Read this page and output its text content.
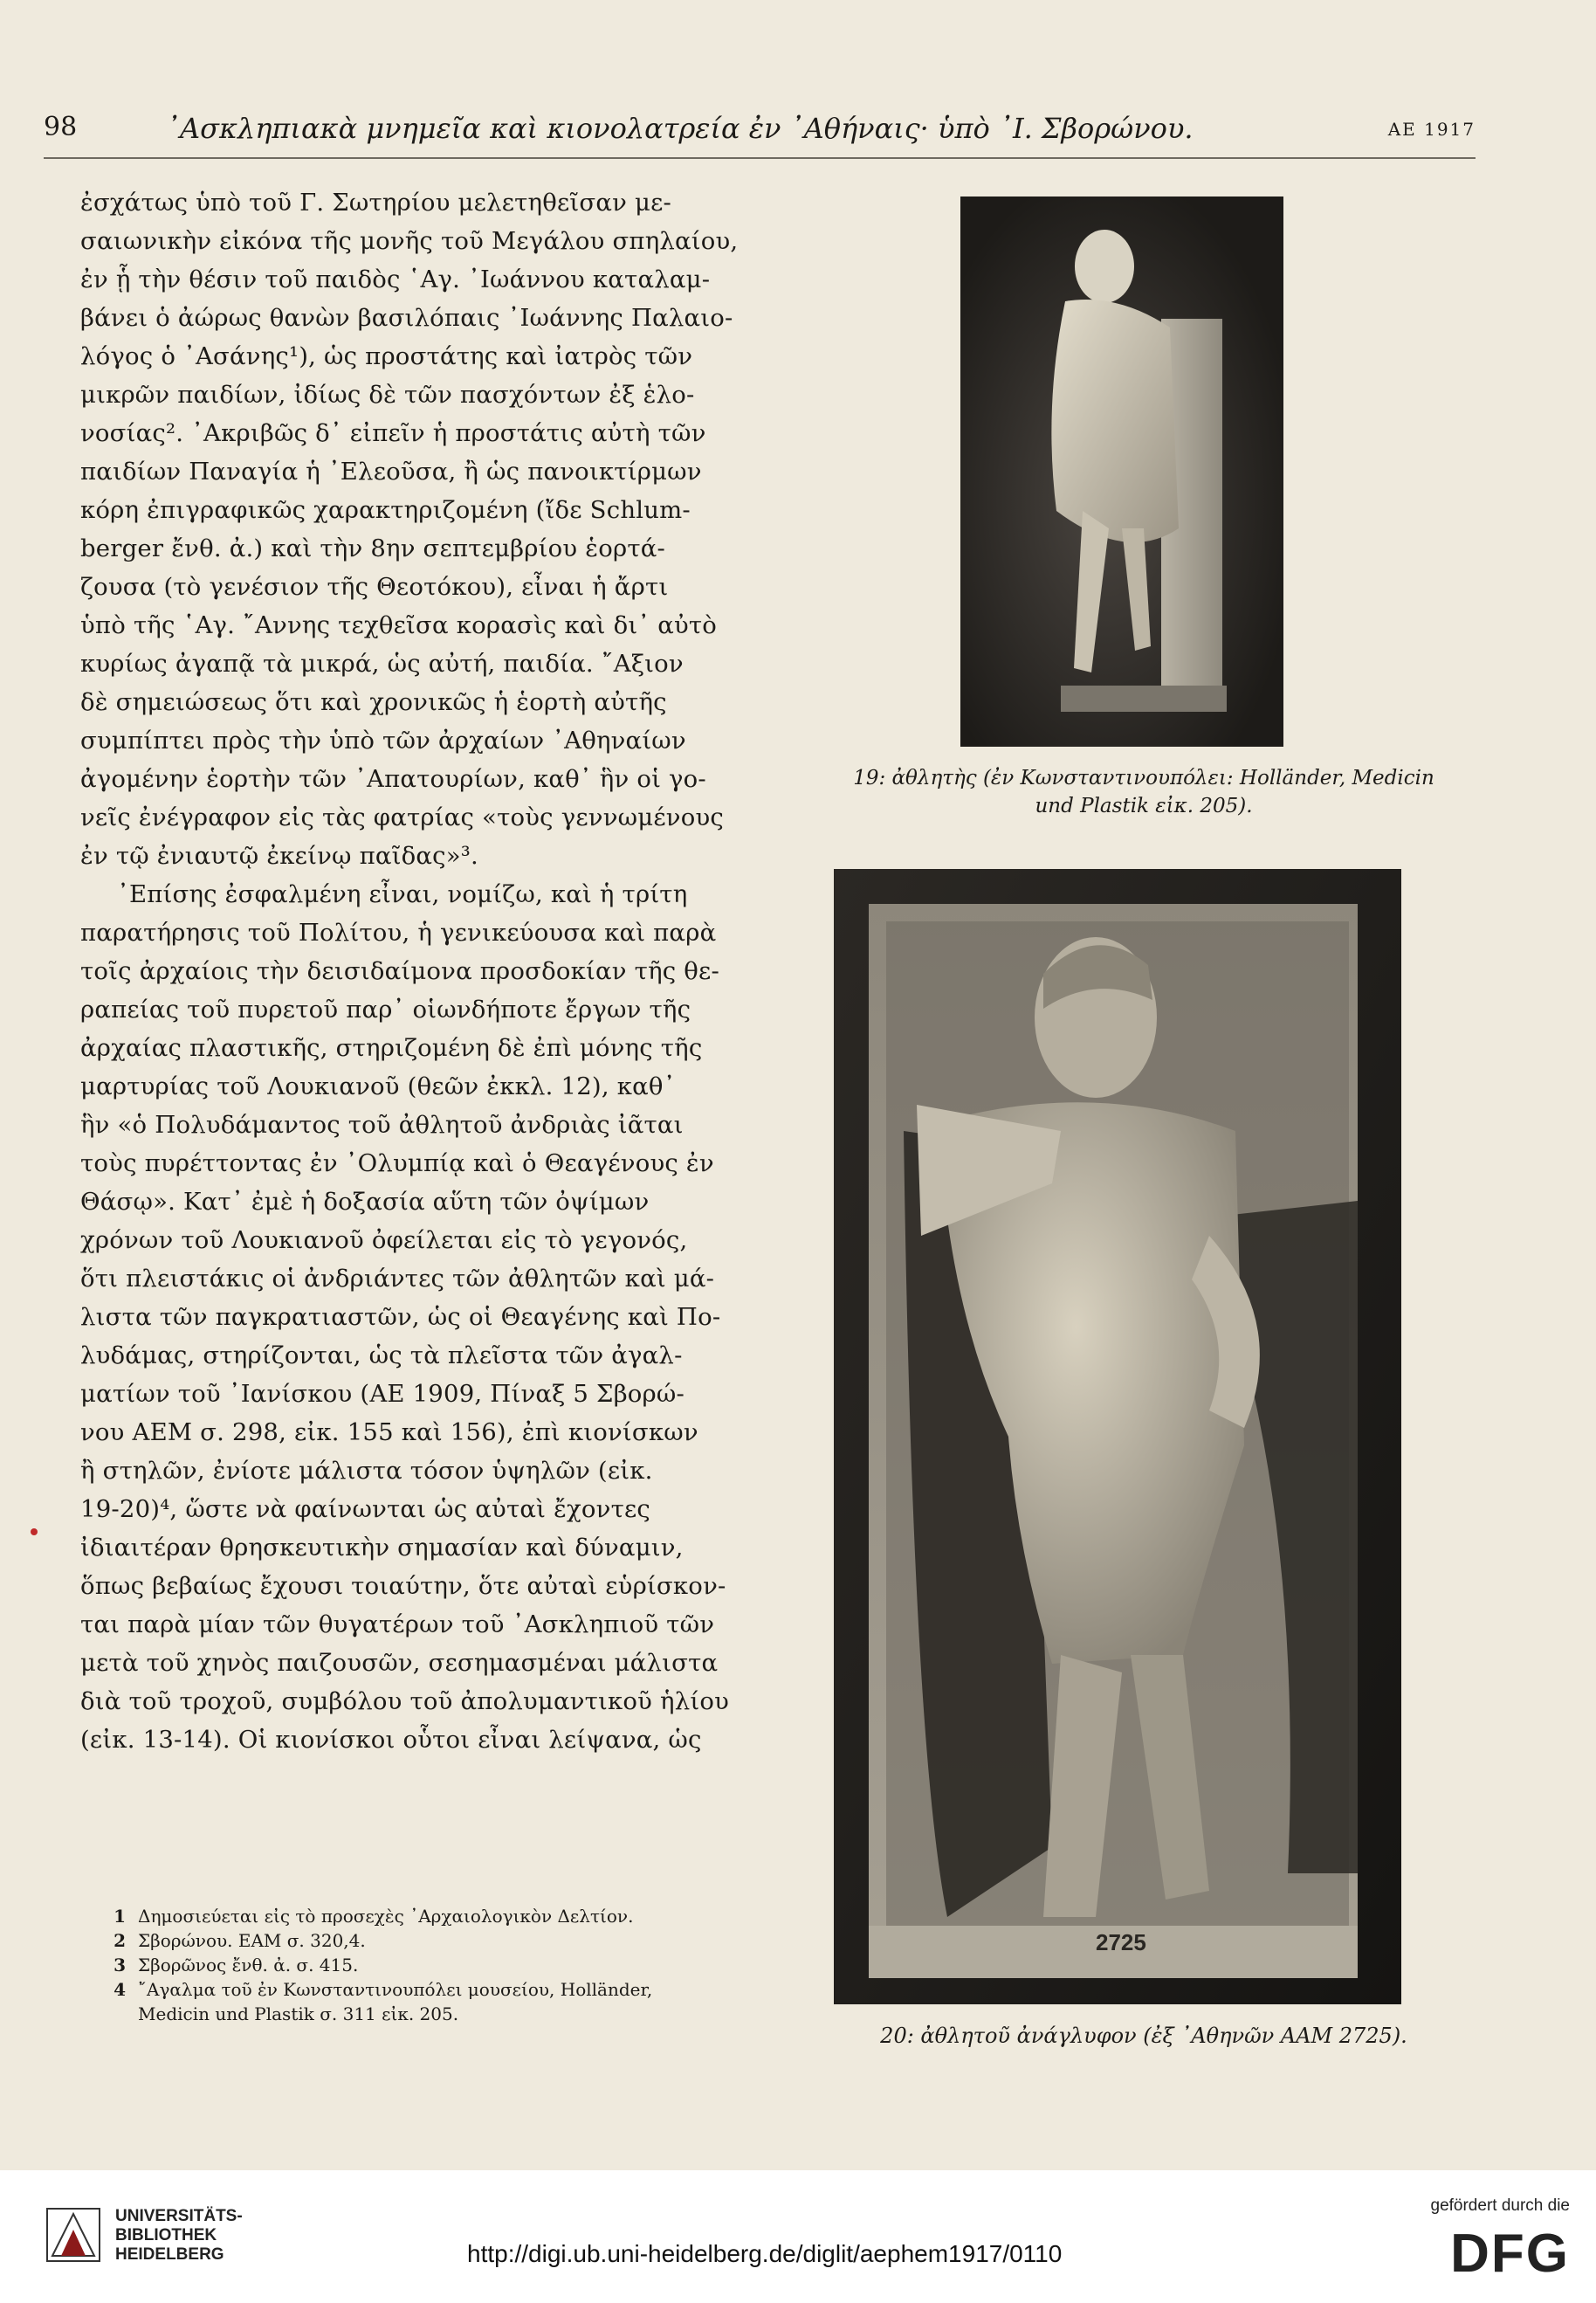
98	᾿Ασκληπιακὰ μνημεῖα καὶ κιονολατρεία ἐν ᾿Αθήναις· ὑπὸ ᾿Ι. Σβορώνου.	ΑΕ 1917
ἐσχάτως ὑπὸ τοῦ Γ. Σωτηρίου μελετηθεῖσαν με-
σαιωνικὴν εἰκόνα τῆς μονῆς τοῦ Μεγάλου σπηλαίου,
ἐν ᾗ τὴν θέσιν τοῦ παιδὸς ῾Αγ. ᾿Ιωάννου καταλαμ-
βάνει ὁ ἀώρως θανὼν βασιλόπαις ᾿Ιωάννης Παλαιο-
λόγος ὁ ᾿Ασάνης¹), ὡς προστάτης καὶ ἰατρὸς τῶν
μικρῶν παιδίων, ἰδίως δὲ τῶν πασχόντων ἐξ ἑλο-
νοσίας². ᾿Ακριβῶς δ᾽ εἰπεῖν ἡ προστάτις αὐτὴ τῶν
παιδίων Παναγία ἡ ᾿Ελεοῦσα, ἢ ὡς πανοικτίρμων
κόρη ἐπιγραφικῶς χαρακτηριζομένη (ἴδε Schlum-
berger ἔνθ. ἀ.) καὶ τὴν 8ην σεπτεμβρίου ἑορτά-
ζουσα (τὸ γενέσιον τῆς Θεοτόκου), εἶναι ἡ ἄρτι
ὑπὸ τῆς ῾Αγ. ῎Αννης τεχθεῖσα κορασὶς καὶ δι᾽ αὐτὸ
κυρίως ἀγαπᾷ τὰ μικρά, ὡς αὐτή, παιδία. ῎Αξιον
δὲ σημειώσεως ὅτι καὶ χρονικῶς ἡ ἑορτὴ αὐτῆς
συμπίπτει πρὸς τὴν ὑπὸ τῶν ἀρχαίων ᾿Αθηναίων
ἀγομένην ἑορτὴν τῶν ᾿Απατουρίων, καθ᾽ ἣν οἱ γο-
νεῖς ἐνέγραφον εἰς τὰς φατρίας «τοὺς γεννωμένους
ἐν τῷ ἐνιαυτῷ ἐκείνῳ παῖδας»³.
᾿Επίσης ἐσφαλμένη εἶναι, νομίζω, καὶ ἡ τρίτη
παρατήρησις τοῦ Πολίτου, ἡ γενικεύουσα καὶ παρὰ
τοῖς ἀρχαίοις τὴν δεισιδαίμονα προσδοκίαν τῆς θε-
ραπείας τοῦ πυρετοῦ παρ᾽ οἱωνδήποτε ἔργων τῆς
ἀρχαίας πλαστικῆς, στηριζομένη δὲ ἐπὶ μόνης τῆς
μαρτυρίας τοῦ Λουκιανοῦ (θεῶν ἐκκλ. 12), καθ᾽
ἣν «ὁ Πολυδάμαντος τοῦ ἀθλητοῦ ἀνδριὰς ἰᾶται
τοὺς πυρέττοντας ἐν ᾿Ολυμπίᾳ καὶ ὁ Θεαγένους ἐν
Θάσῳ». Κατ᾽ ἐμὲ ἡ δοξασία αὕτη τῶν ὀψίμων
χρόνων τοῦ Λουκιανοῦ ὀφείλεται εἰς τὸ γεγονός,
ὅτι πλειστάκις οἱ ἀνδριάντες τῶν ἀθλητῶν καὶ μά-
λιστα τῶν παγκρατιαστῶν, ὡς οἱ Θεαγένης καὶ Πο-
λυδάμας, στηρίζονται, ὡς τὰ πλεῖστα τῶν ἀγαλ-
ματίων τοῦ ᾿Ιανίσκου (ΑΕ 1909, Πίναξ 5 Σβορώ-
νου ΑΕΜ σ. 298, εἰκ. 155 καὶ 156), ἐπὶ κιονίσκων
ἢ στηλῶν, ἐνίοτε μάλιστα τόσον ὑψηλῶν (εἰκ.
19-20)⁴, ὥστε νὰ φαίνωνται ὡς αὐταὶ ἔχοντες
ἰδιαιτέραν θρησκευτικὴν σημασίαν καὶ δύναμιν,
ὅπως βεβαίως ἔχουσι τοιαύτην, ὅτε αὐταὶ εὑρίσκον-
ται παρὰ μίαν τῶν θυγατέρων τοῦ ᾿Ασκληπιοῦ τῶν
μετὰ τοῦ χηνὸς παιζουσῶν, σεσημασμέναι μάλιστα
διὰ τοῦ τροχοῦ, συμβόλου τοῦ ἀπολυμαντικοῦ ἡλίου
(εἰκ. 13-14). Οἱ κιονίσκοι οὗτοι εἶναι λείψανα, ὡς
1 Δημοσιεύεται εἰς τὸ προσεχὲς ᾿Αρχαιολογικὸν Δελτίον.
2 Σβορώνου. ΕΑΜ σ. 320,4.
3 Σβορῶνος ἔνθ. ἀ. σ. 415.
4 ῎Αγαλμα τοῦ ἐν Κωνσταντινουπόλει μουσείου, Holländer,
Medicin und Plastik σ. 311 εἰκ. 205.
19: ἀθλητὴς (ἐν Κωνσταντινουπόλει: Holländer, Medicin
und Plastik εἰκ. 205).
2725
20: ἀθλητοῦ ἀνάγλυφον (ἐξ ᾿Αθηνῶν ΑΑΜ 2725).
UNIVERSITÄTS-
BIBLIOTHEK
HEIDELBERG	http://digi.ub.uni-heidelberg.de/diglit/aephem1917/0110
gefördert durch die
DFG
